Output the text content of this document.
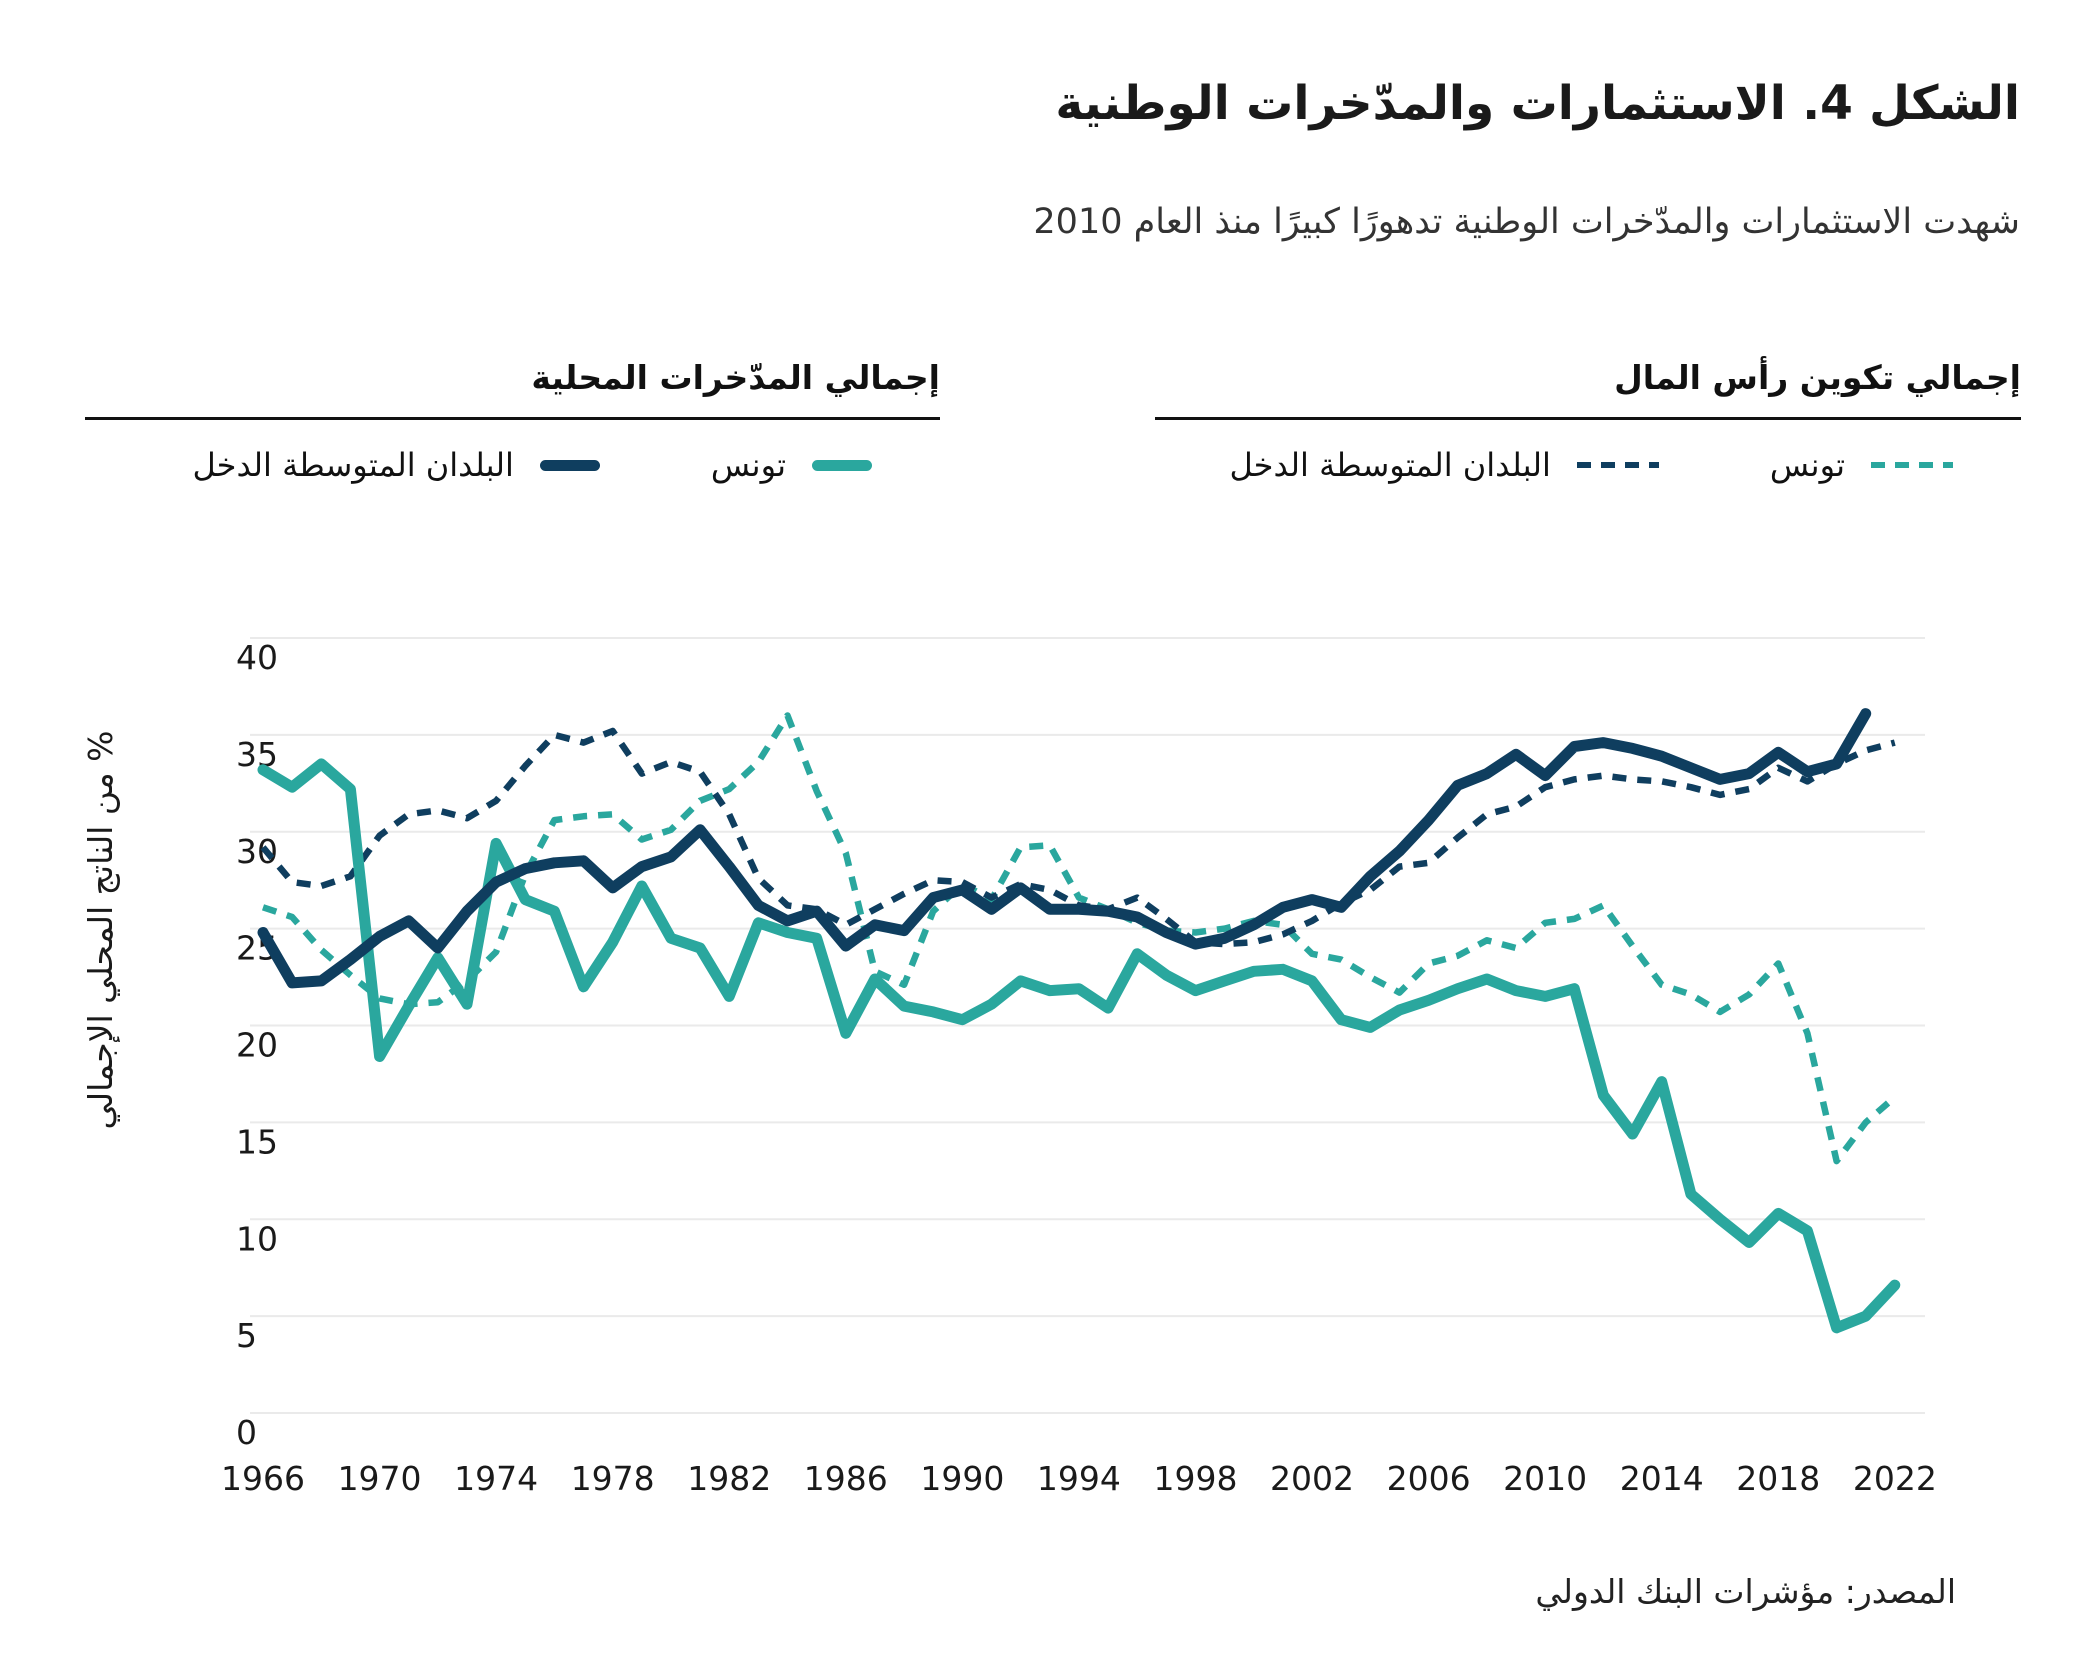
الشكل 4. الاستثمارات والمدّخرات الوطنية
شهدت الاستثمارات والمدّخرات الوطنية تدهورًا كبيرًا منذ العام 2010
إجمالي تكوين رأس المال
تونس
البلدان المتوسطة الدخل
إجمالي المدّخرات المحلية
تونس
البلدان المتوسطة الدخل
0
5
10
15
20
25
30
35
40
1966 1970 1974 1978 1982 1986 1990 1994 1998 2002 2006 2010 2014 2018 2022
% من الناتج المحلي الإجمالي
المصدر: مؤشرات البنك الدولي
